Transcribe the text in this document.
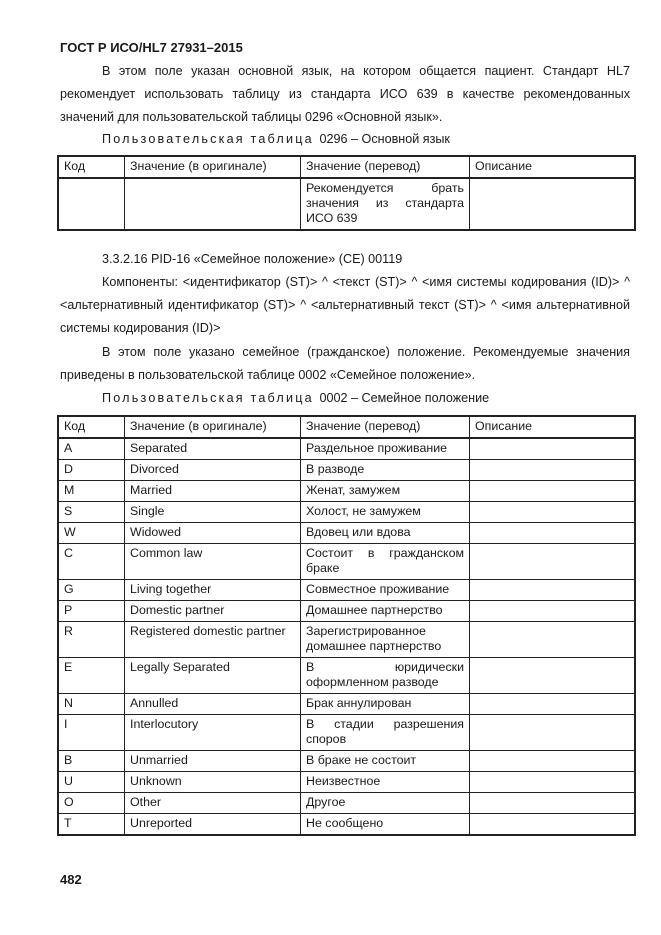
ГОСТ Р ИСО/HL7 27931–2015
В этом поле указан основной язык, на котором общается пациент. Стандарт HL7 рекомендует использовать таблицу из стандарта ИСО 639 в качестве рекомендованных значений для пользовательской таблицы 0296 «Основной язык».
Пользовательская таблица 0296 – Основной язык
Код	Значение (в оригинале)	Значение (перевод)	Описание
		Рекомендуется брать значения из стандарта ИСО 639	
3.3.2.16 PID-16 «Семейное положение» (CE) 00119
Компоненты: <идентификатор (ST)> ^ <текст (ST)> ^ <имя системы кодирования (ID)> ^ <альтернативный идентификатор (ST)> ^ <альтернативный текст (ST)> ^ <имя альтернативной системы кодирования (ID)>
В этом поле указано семейное (гражданское) положение. Рекомендуемые значения приведены в пользовательской таблице 0002 «Семейное положение».
Пользовательская таблица 0002 – Семейное положение
Код	Значение (в оригинале)	Значение (перевод)	Описание
A	Separated	Раздельное проживание	
D	Divorced	В разводе	
M	Married	Женат, замужем	
S	Single	Холост, не замужем	
W	Widowed	Вдовец или вдова	
C	Common law	Состоит в гражданском браке	
G	Living together	Совместное проживание	
P	Domestic partner	Домашнее партнерство	
R	Registered domestic partner	Зарегистрированное домашнее партнерство	
E	Legally Separated	В юридически оформленном разводе	
N	Annulled	Брак аннулирован	
I	Interlocutory	В стадии разрешения споров	
B	Unmarried	В браке не состоит	
U	Unknown	Неизвестное	
O	Other	Другое	
T	Unreported	Не сообщено	
482
